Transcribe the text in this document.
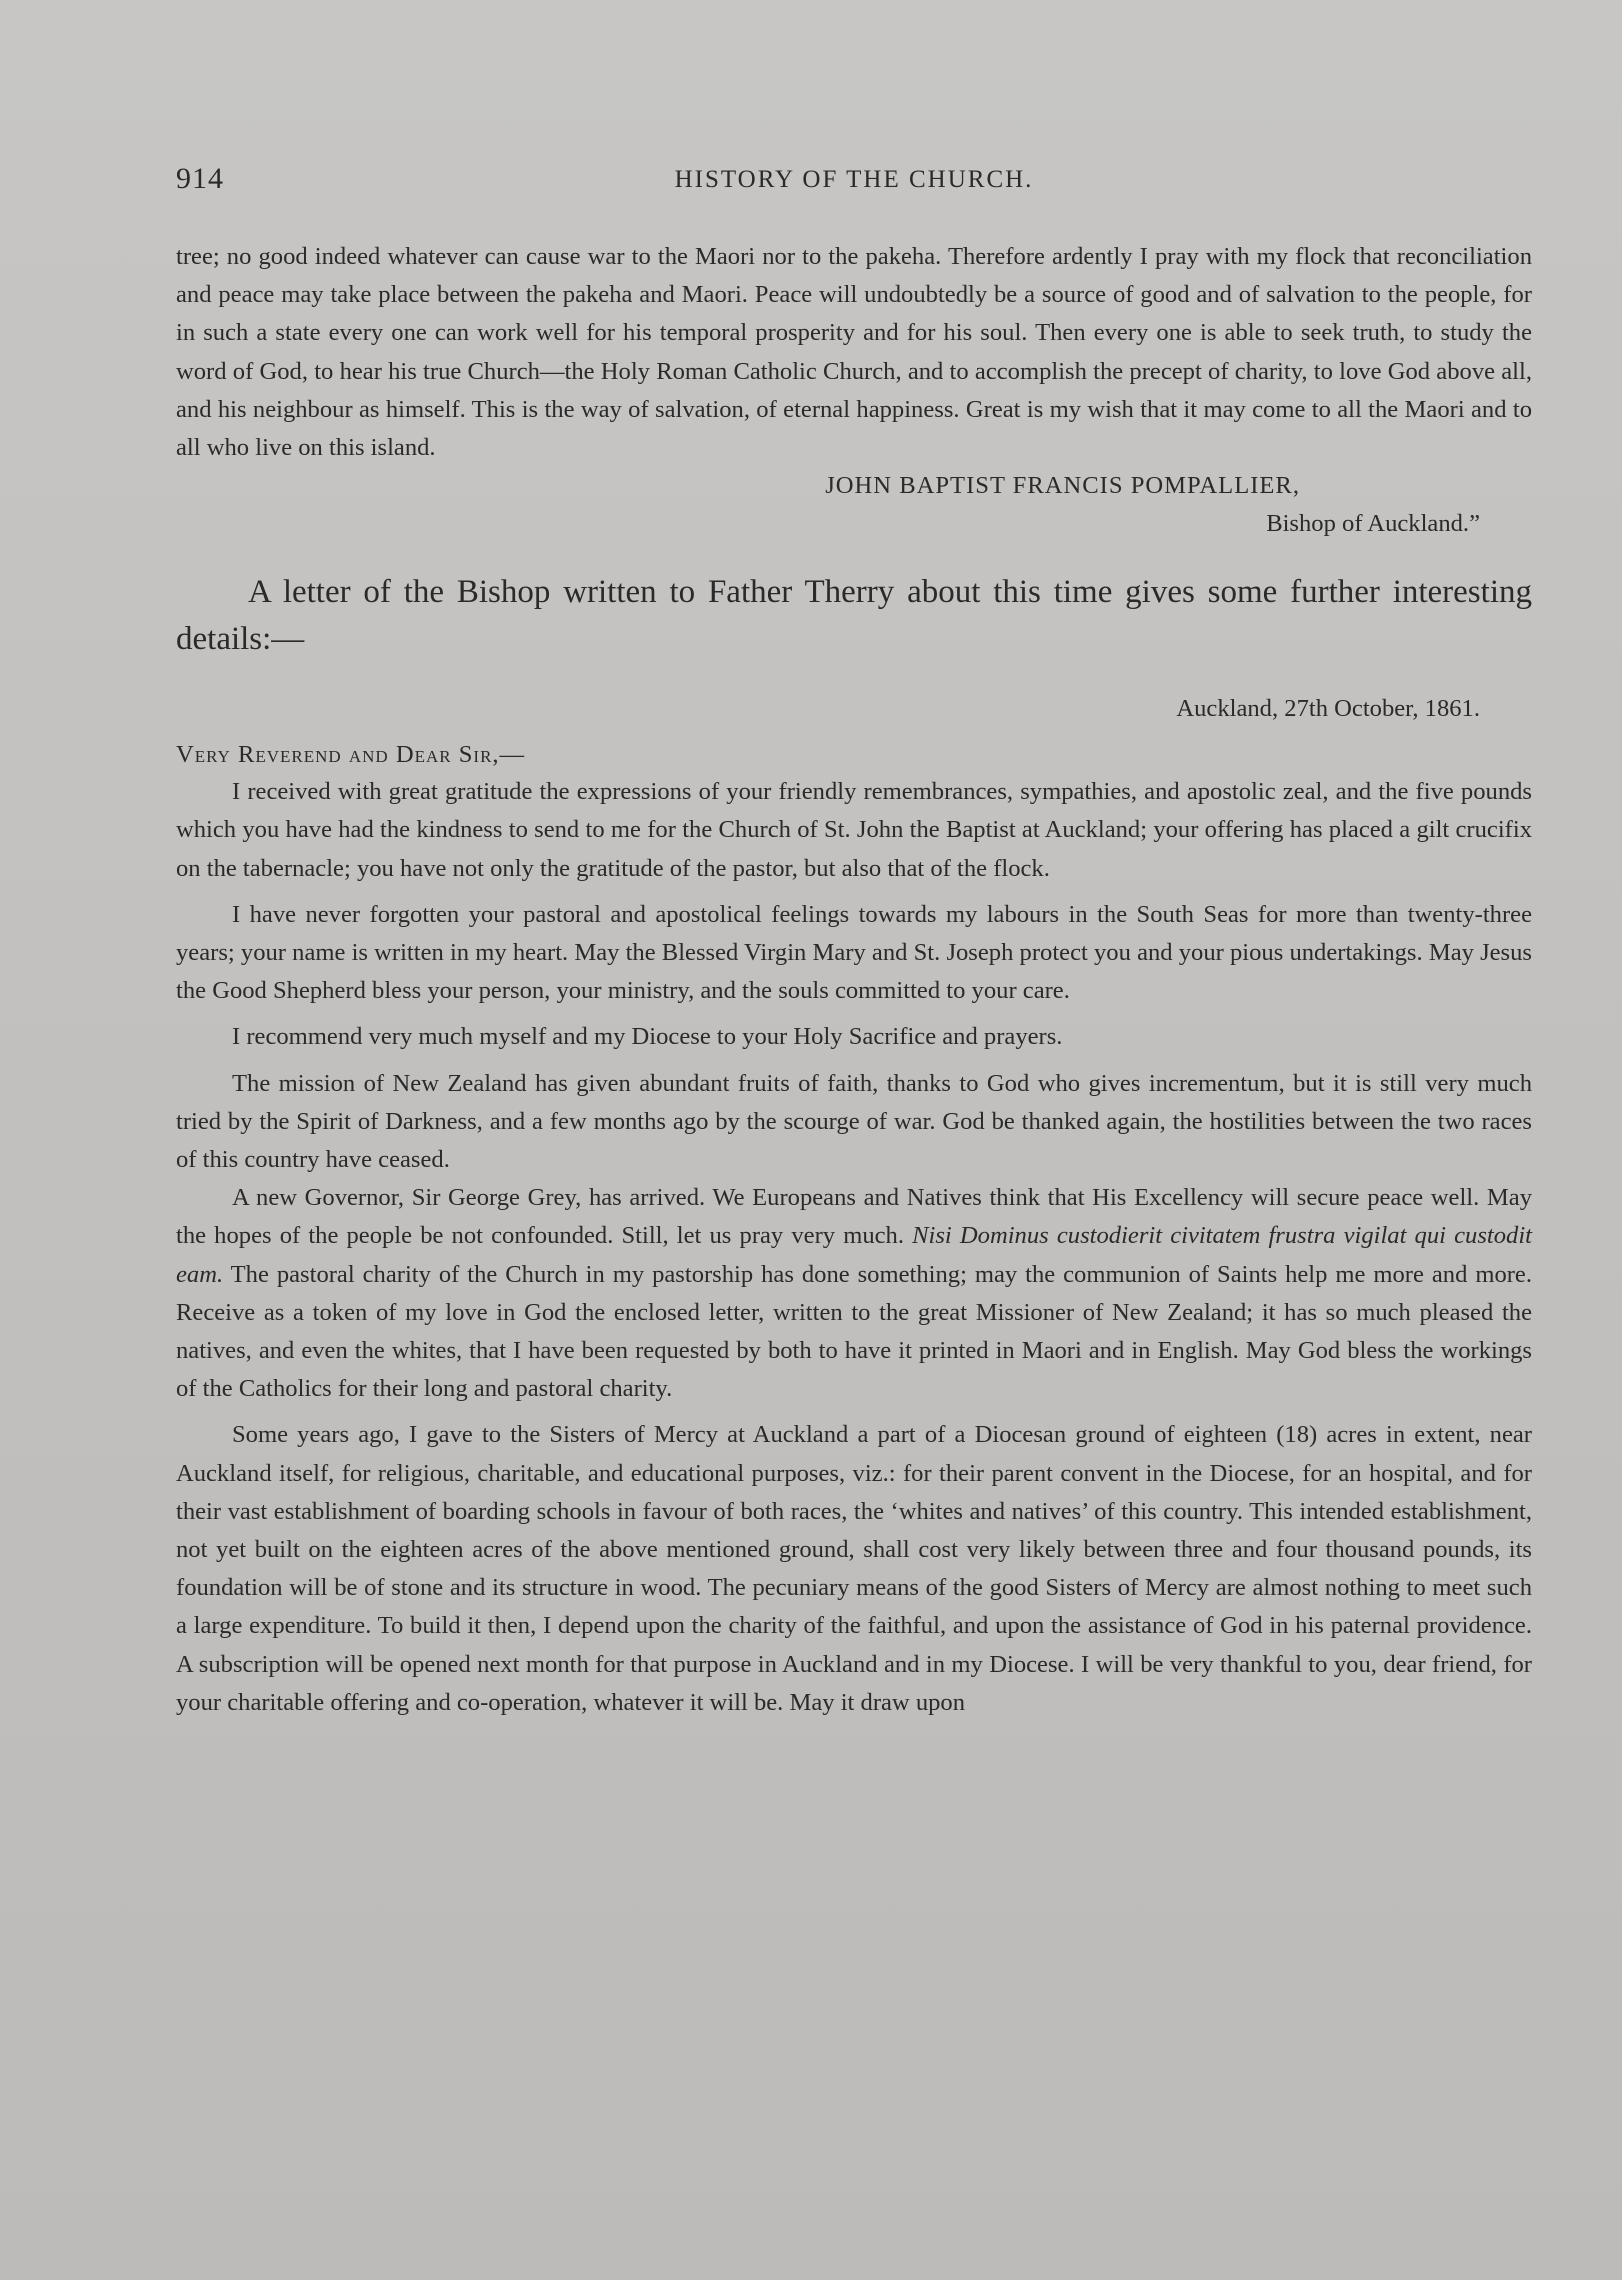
914	HISTORY OF THE CHURCH.

tree; no good indeed whatever can cause war to the Maori nor to the pakeha. Therefore ardently I pray with my flock that reconciliation and peace may take place between the pakeha and Maori. Peace will undoubtedly be a source of good and of salvation to the people, for in such a state every one can work well for his temporal prosperity and for his soul. Then every one is able to seek truth, to study the word of God, to hear his true Church—the Holy Roman Catholic Church, and to accomplish the precept of charity, to love God above all, and his neighbour as himself. This is the way of salvation, of eternal happiness. Great is my wish that it may come to all the Maori and to all who live on this island.

JOHN BAPTIST FRANCIS POMPALLIER,
Bishop of Auckland.”

A letter of the Bishop written to Father Therry about this time gives some further interesting details:—

Auckland, 27th October, 1861.
Very Reverend and Dear Sir,—

I received with great gratitude the expressions of your friendly remembrances, sympathies, and apostolic zeal, and the five pounds which you have had the kindness to send to me for the Church of St. John the Baptist at Auckland; your offering has placed a gilt crucifix on the tabernacle; you have not only the gratitude of the pastor, but also that of the flock.

I have never forgotten your pastoral and apostolical feelings towards my labours in the South Seas for more than twenty-three years; your name is written in my heart. May the Blessed Virgin Mary and St. Joseph protect you and your pious undertakings. May Jesus the Good Shepherd bless your person, your ministry, and the souls committed to your care.

I recommend very much myself and my Diocese to your Holy Sacrifice and prayers.

The mission of New Zealand has given abundant fruits of faith, thanks to God who gives incrementum, but it is still very much tried by the Spirit of Darkness, and a few months ago by the scourge of war. God be thanked again, the hostilities between the two races of this country have ceased.

A new Governor, Sir George Grey, has arrived. We Europeans and Natives think that His Excellency will secure peace well. May the hopes of the people be not confounded. Still, let us pray very much. Nisi Dominus custodierit civitatem frustra vigilat qui custodit eam. The pastoral charity of the Church in my pastorship has done something; may the communion of Saints help me more and more. Receive as a token of my love in God the enclosed letter, written to the great Missioner of New Zealand; it has so much pleased the natives, and even the whites, that I have been requested by both to have it printed in Maori and in English. May God bless the workings of the Catholics for their long and pastoral charity.

Some years ago, I gave to the Sisters of Mercy at Auckland a part of a Diocesan ground of eighteen (18) acres in extent, near Auckland itself, for religious, charitable, and educational purposes, viz.: for their parent convent in the Diocese, for an hospital, and for their vast establishment of boarding schools in favour of both races, the ‘whites and natives’ of this country. This intended establishment, not yet built on the eighteen acres of the above mentioned ground, shall cost very likely between three and four thousand pounds, its foundation will be of stone and its structure in wood. The pecuniary means of the good Sisters of Mercy are almost nothing to meet such a large expenditure. To build it then, I depend upon the charity of the faithful, and upon the assistance of God in his paternal providence. A subscription will be opened next month for that purpose in Auckland and in my Diocese. I will be very thankful to you, dear friend, for your charitable offering and co-operation, whatever it will be. May it draw upon
